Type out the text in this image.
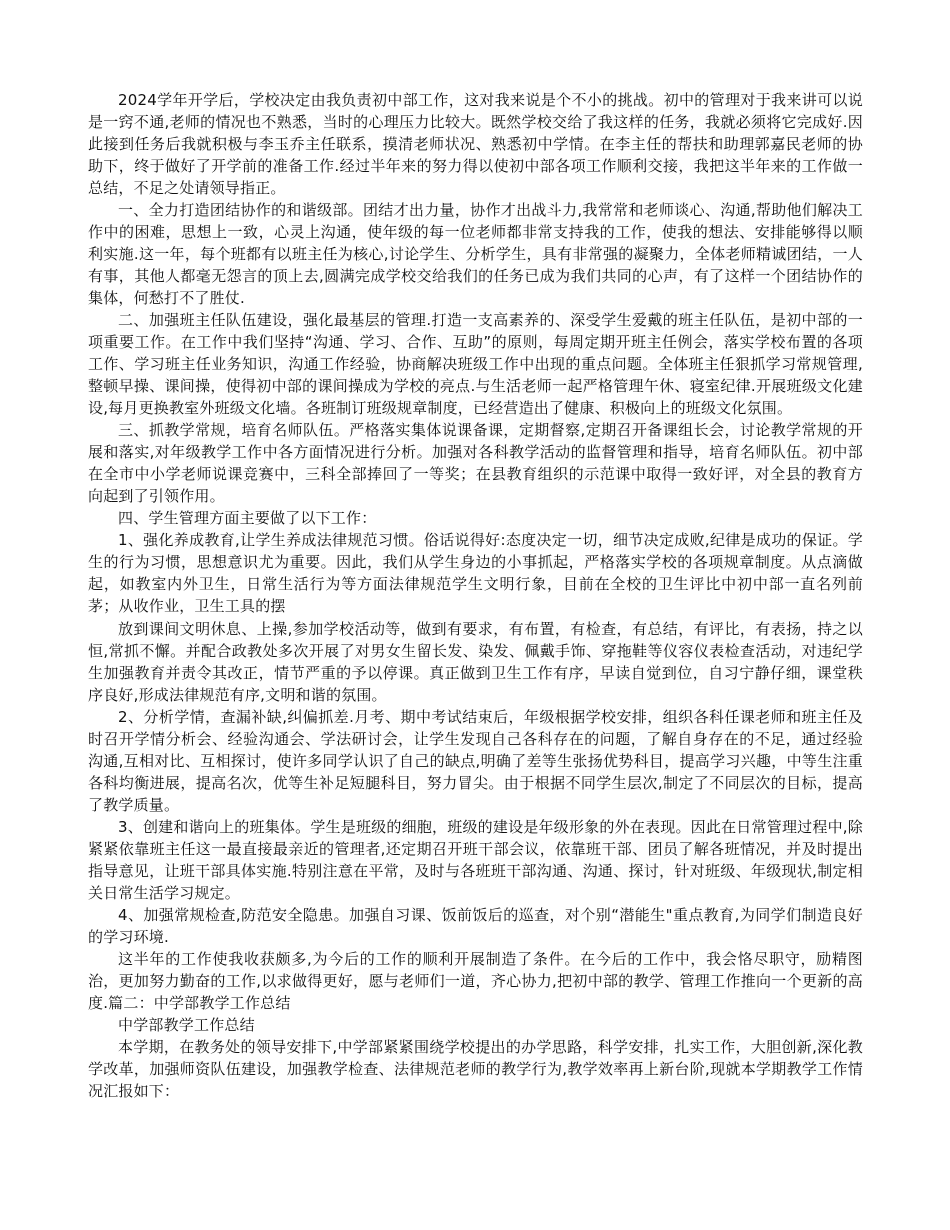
2024学年开学后，学校决定由我负责初中部工作，这对我来说是个不小的挑战。初中的管理对于我来讲可以说是一窍不通,老师的情况也不熟悉，当时的心理压力比较大。既然学校交给了我这样的任务，我就必须将它完成好.因此接到任务后我就积极与李玉乔主任联系，摸清老师状况、熟悉初中学情。在李主任的帮扶和助理郭嘉民老师的协助下，终于做好了开学前的准备工作.经过半年来的努力得以使初中部各项工作顺利交接，我把这半年来的工作做一总结，不足之处请领导指正。

一、全力打造团结协作的和谐级部。团结才出力量，协作才出战斗力,我常常和老师谈心、沟通,帮助他们解决工作中的困难，思想上一致，心灵上沟通，使年级的每一位老师都非常支持我的工作，使我的想法、安排能够得以顺利实施.这一年，每个班都有以班主任为核心,讨论学生、分析学生，具有非常强的凝聚力，全体老师精诚团结，一人有事，其他人都毫无怨言的顶上去,圆满完成学校交给我们的任务已成为我们共同的心声，有了这样一个团结协作的集体，何愁打不了胜仗.

二、加强班主任队伍建设，强化最基层的管理.打造一支高素养的、深受学生爱戴的班主任队伍，是初中部的一项重要工作。在工作中我们坚持“沟通、学习、合作、互助”的原则，每周定期开班主任例会，落实学校布置的各项工作、学习班主任业务知识，沟通工作经验，协商解决班级工作中出现的重点问题。全体班主任狠抓学习常规管理,整顿早操、课间操，使得初中部的课间操成为学校的亮点.与生活老师一起严格管理午休、寝室纪律.开展班级文化建设,每月更换教室外班级文化墙。各班制订班级规章制度，已经营造出了健康、积极向上的班级文化氛围。

三、抓教学常规，培育名师队伍。严格落实集体说课备课，定期督察,定期召开备课组长会，讨论教学常规的开展和落实,对年级教学工作中各方面情况进行分析。加强对各科教学活动的监督管理和指导，培育名师队伍。初中部在全市中小学老师说课竞赛中，三科全部捧回了一等奖；在县教育组织的示范课中取得一致好评，对全县的教育方向起到了引领作用。

四、学生管理方面主要做了以下工作：

1、强化养成教育,让学生养成法律规范习惯。俗话说得好:态度决定一切，细节决定成败,纪律是成功的保证。学生的行为习惯，思想意识尤为重要。因此，我们从学生身边的小事抓起，严格落实学校的各项规章制度。从点滴做起，如教室内外卫生，日常生活行为等方面法律规范学生文明行象，目前在全校的卫生评比中初中部一直名列前茅；从收作业，卫生工具的摆

放到课间文明休息、上操,参加学校活动等，做到有要求，有布置，有检查，有总结，有评比，有表扬，持之以恒,常抓不懈。并配合政教处多次开展了对男女生留长发、染发、佩戴手饰、穿拖鞋等仪容仪表检查活动，对违纪学生加强教育并责令其改正，情节严重的予以停课。真正做到卫生工作有序，早读自觉到位，自习宁静仔细，课堂秩序良好,形成法律规范有序,文明和谐的氛围。

2、分析学情，查漏补缺,纠偏抓差.月考、期中考试结束后，年级根据学校安排，组织各科任课老师和班主任及时召开学情分析会、经验沟通会、学法研讨会，让学生发现自己各科存在的问题，了解自身存在的不足，通过经验沟通,互相对比、互相探讨，使许多同学认识了自己的缺点,明确了差等生张扬优势科目，提高学习兴趣，中等生注重各科均衡进展，提高名次，优等生补足短腿科目，努力冒尖。由于根据不同学生层次,制定了不同层次的目标，提高了教学质量。

3、创建和谐向上的班集体。学生是班级的细胞，班级的建设是年级形象的外在表现。因此在日常管理过程中,除紧紧依靠班主任这一最直接最亲近的管理者,还定期召开班干部会议，依靠班干部、团员了解各班情况，并及时提出指导意见，让班干部具体实施.特别注意在平常，及时与各班班干部沟通、沟通、探讨，针对班级、年级现状,制定相关日常生活学习规定。

4、加强常规检查,防范安全隐患。加强自习课、饭前饭后的巡查，对个别“潜能生"重点教育,为同学们制造良好的学习环境.

这半年的工作使我收获颇多,为今后的工作的顺利开展制造了条件。在今后的工作中，我会恪尽职守，励精图治，更加努力勤奋的工作,以求做得更好，愿与老师们一道，齐心协力,把初中部的教学、管理工作推向一个更新的高度.篇二：中学部教学工作总结

中学部教学工作总结

本学期，在教务处的领导安排下,中学部紧紧围绕学校提出的办学思路，科学安排，扎实工作，大胆创新,深化教学改革，加强师资队伍建设，加强教学检查、法律规范老师的教学行为,教学效率再上新台阶,现就本学期教学工作情况汇报如下：
